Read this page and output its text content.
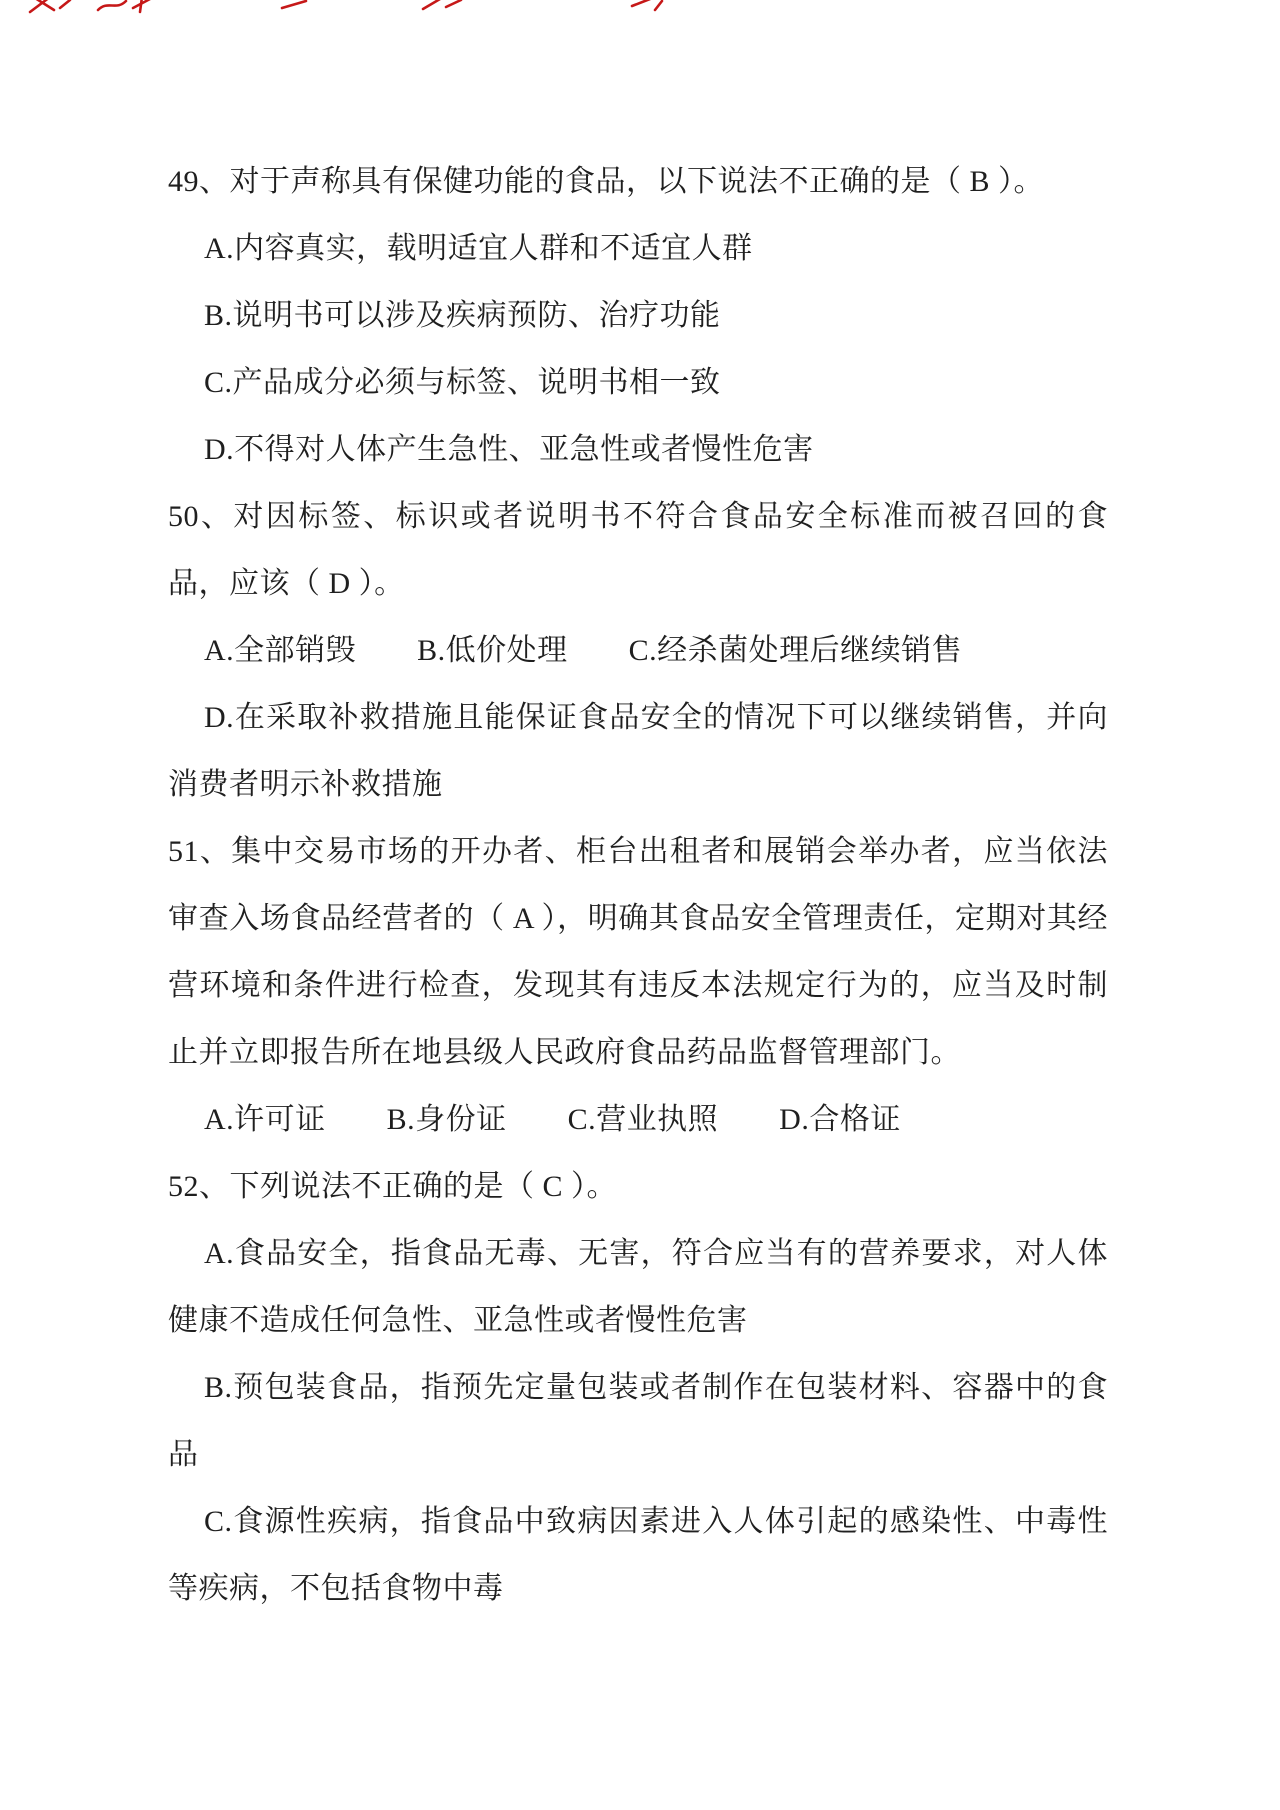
49、对于声称具有保健功能的食品，以下说法不正确的是（ B ）。

A.内容真实，载明适宜人群和不适宜人群

B.说明书可以涉及疾病预防、治疗功能

C.产品成分必须与标签、说明书相一致

D.不得对人体产生急性、亚急性或者慢性危害

50、对因标签、标识或者说明书不符合食品安全标准而被召回的食品，应该（ D ）。

A.全部销毁　　B.低价处理　　C.经杀菌处理后继续销售

D.在采取补救措施且能保证食品安全的情况下可以继续销售，并向消费者明示补救措施

51、集中交易市场的开办者、柜台出租者和展销会举办者，应当依法审查入场食品经营者的（ A ），明确其食品安全管理责任，定期对其经营环境和条件进行检查，发现其有违反本法规定行为的，应当及时制止并立即报告所在地县级人民政府食品药品监督管理部门。

A.许可证　　B.身份证　　C.营业执照　　D.合格证

52、下列说法不正确的是（ C ）。

A.食品安全，指食品无毒、无害，符合应当有的营养要求，对人体健康不造成任何急性、亚急性或者慢性危害

B.预包装食品，指预先定量包装或者制作在包装材料、容器中的食品

C.食源性疾病，指食品中致病因素进入人体引起的感染性、中毒性等疾病，不包括食物中毒
